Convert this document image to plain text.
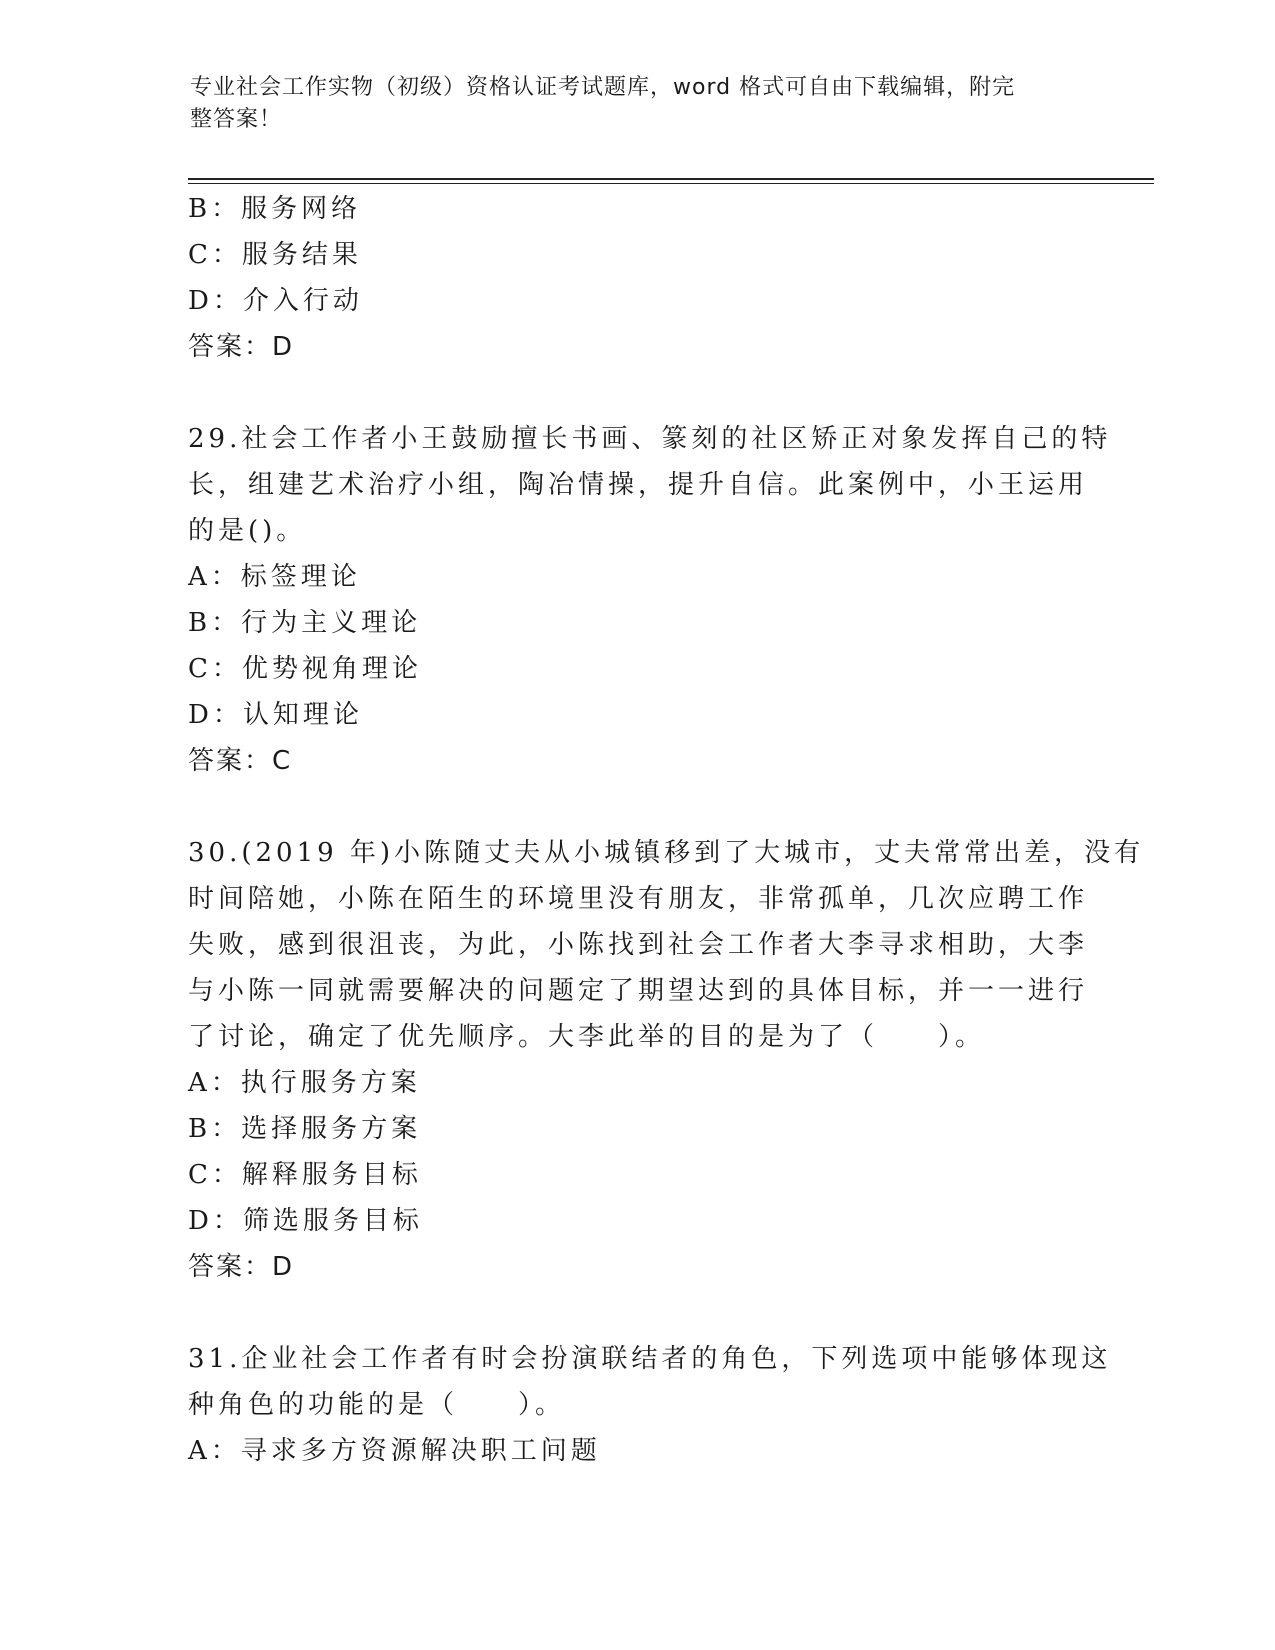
专业社会工作实物（初级）资格认证考试题库，word 格式可自由下载编辑，附完
整答案！
B：服务网络
C：服务结果
D：介入行动
答案：D
29.社会工作者小王鼓励擅长书画、篆刻的社区矫正对象发挥自己的特
长，组建艺术治疗小组，陶冶情操，提升自信。此案例中，小王运用
的是()。
A：标签理论
B：行为主义理论
C：优势视角理论
D：认知理论
答案：C
30.(2019 年)小陈随丈夫从小城镇移到了大城市，丈夫常常出差，没有
时间陪她，小陈在陌生的环境里没有朋友，非常孤单，几次应聘工作
失败，感到很沮丧，为此，小陈找到社会工作者大李寻求相助，大李
与小陈一同就需要解决的问题定了期望达到的具体目标，并一一进行
了讨论，确定了优先顺序。大李此举的目的是为了（　　）。
A：执行服务方案
B：选择服务方案
C：解释服务目标
D：筛选服务目标
答案：D
31.企业社会工作者有时会扮演联结者的角色，下列选项中能够体现这
种角色的功能的是（　　）。
A：寻求多方资源解决职工问题
